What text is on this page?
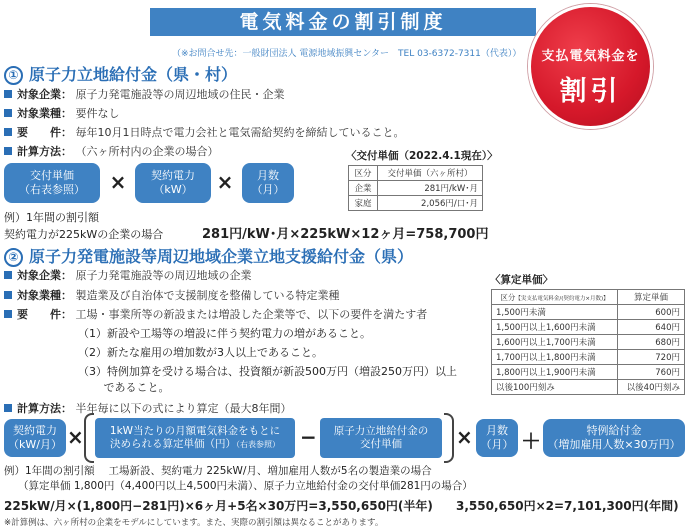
電気料金の割引制度
（※お問合せ先：一般財団法人 電源地域振興センター　TEL 03-6372-7311（代表））	支払電気料金を
割引
① 原子力立地給付金（県・村）
対象企業： 原子力発電施設等の周辺地域の住民・企業
対象業種： 要件なし
要　　件： 毎年10月1日時点で電力会社と電気需給契約を締結していること。
計算方法： （六ヶ所村内の企業の場合）
交付単価
（右表参照）	×	契約電力
（kW）	×	月数
（月）
〈交付単価（2022.4.1現在）〉
区分	交付単価（六ヶ所村）
企業	281円/kW･月
家庭	2,056円/口･月
例）1年間の割引額
契約電力が225kWの企業の場合	281円/kW･月×225kW×12ヶ月=758,700円
② 原子力発電施設等周辺地域企業立地支援給付金（県）
対象企業： 原子力発電施設等の周辺地域の企業
対象業種： 製造業及び自治体で支援制度を整備している特定業種
要　　件： 工場・事業所等の新設または増設した企業等で、以下の要件を満たす者
（1）新設や工場等の増設に伴う契約電力の増があること。
（2）新たな雇用の増加数が3人以上であること。
（3）特例加算を受ける場合は、投資額が新設500万円（増設250万円）以上
　　 であること。
計算方法： 半年毎に以下の式により算定（最大8年間）
〈算定単価〉
区分【実支払電気料金/(契約電力×月数)】	算定単価
1,500円未満	600円
1,500円以上1,600円未満	640円
1,600円以上1,700円未満	680円
1,700円以上1,800円未満	720円
1,800円以上1,900円未満	760円
以後100円刻み	以後40円刻み
契約電力
（kW/月） ×	1kW当たりの月額電気料金をもとに
決められる算定単価（円）（右表参照）	−	原子力立地給付金の
交付単価	×	月数
（月） ＋	特例給付金
（増加雇用人数×30万円）
例）1年間の割引額　 工場新設、契約電力 225kW/月、増加雇用人数が5名の製造業の場合
（算定単価 1,800円（4,400円以上4,500円未満）、原子力立地給付金の交付単価281円の場合）
225kW/月×(1,800円−281円)×6ヶ月+5名×30万円=3,550,650円(半年) 3,550,650円×2=7,101,300円(年間)
※計算例は、六ヶ所村の企業をモデルにしています。また、実際の割引額は異なることがあります。
